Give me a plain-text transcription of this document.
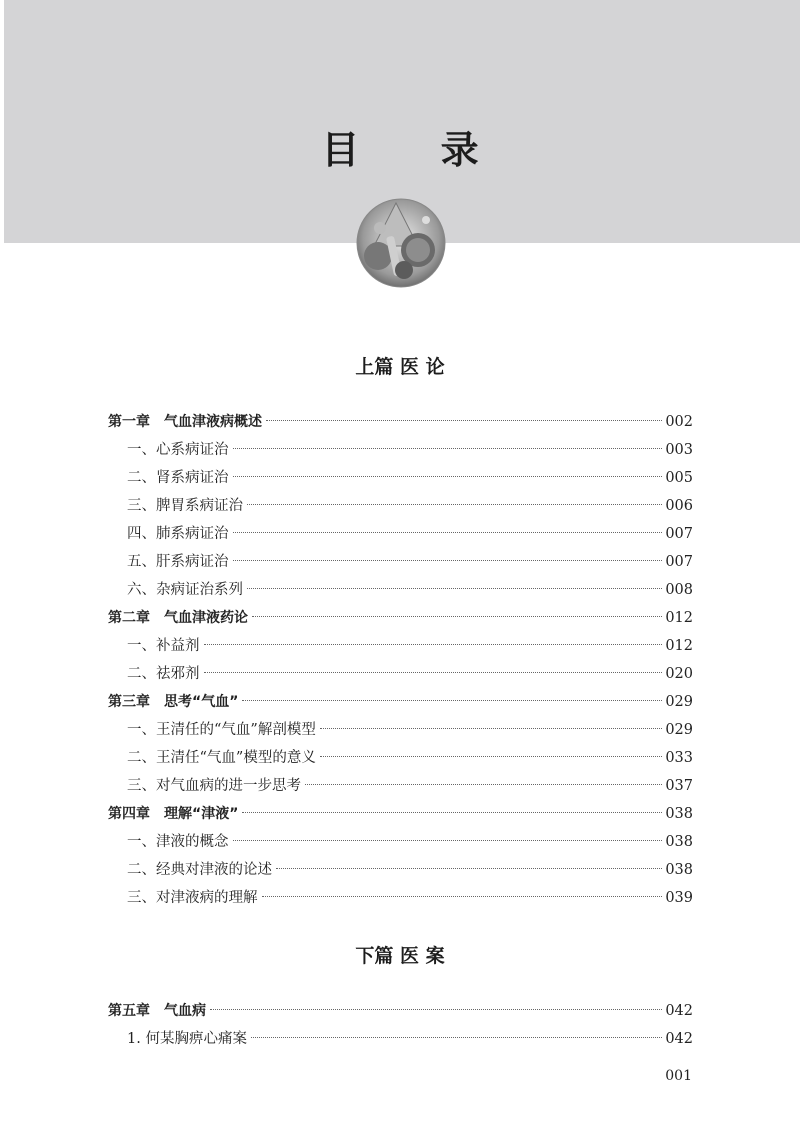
目 录
上篇 医 论
第一章　气血津液病概述	002
一、心系病证治	003
二、肾系病证治	005
三、脾胃系病证治	006
四、肺系病证治	007
五、肝系病证治	007
六、杂病证治系列	008
第二章　气血津液药论	012
一、补益剂	012
二、祛邪剂	020
第三章　思考“气血”	029
一、王清任的“气血”解剖模型	029
二、王清任“气血”模型的意义	033
三、对气血病的进一步思考	037
第四章　理解“津液”	038
一、津液的概念	038
二、经典对津液的论述	038
三、对津液病的理解	039
下篇 医 案
第五章　气血病	042
1. 何某胸痹心痛案	042
001
